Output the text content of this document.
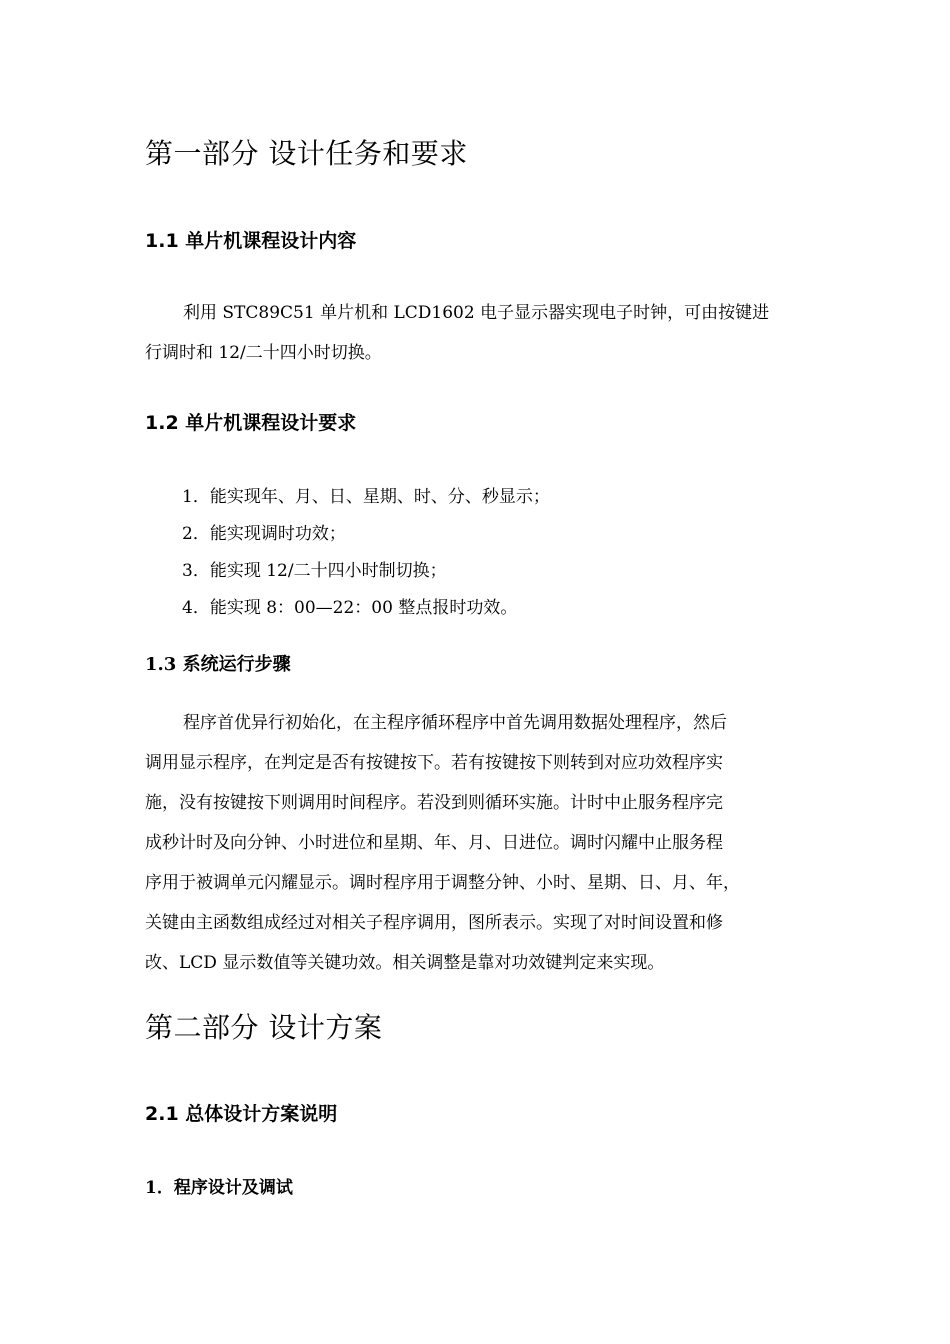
第一部分 设计任务和要求
1.1 单片机课程设计内容
利用 STC89C51 单片机和 LCD1602 电子显示器实现电子时钟，可由按键进
行调时和 12/二十四小时切换。
1.2 单片机课程设计要求
1．能实现年、月、日、星期、时、分、秒显示；
2．能实现调时功效；
3．能实现 12/二十四小时制切换；
4．能实现 8：00—22：00 整点报时功效。
1.3 系统运行步骤
程序首优异行初始化，在主程序循环程序中首先调用数据处理程序，然后
调用显示程序，在判定是否有按键按下。若有按键按下则转到对应功效程序实
施，没有按键按下则调用时间程序。若没到则循环实施。计时中止服务程序完
成秒计时及向分钟、小时进位和星期、年、月、日进位。调时闪耀中止服务程
序用于被调单元闪耀显示。调时程序用于调整分钟、小时、星期、日、月、年，
关键由主函数组成经过对相关子程序调用，图所表示。实现了对时间设置和修
改、LCD 显示数值等关键功效。相关调整是靠对功效键判定来实现。
第二部分 设计方案
2.1 总体设计方案说明
1．程序设计及调试
